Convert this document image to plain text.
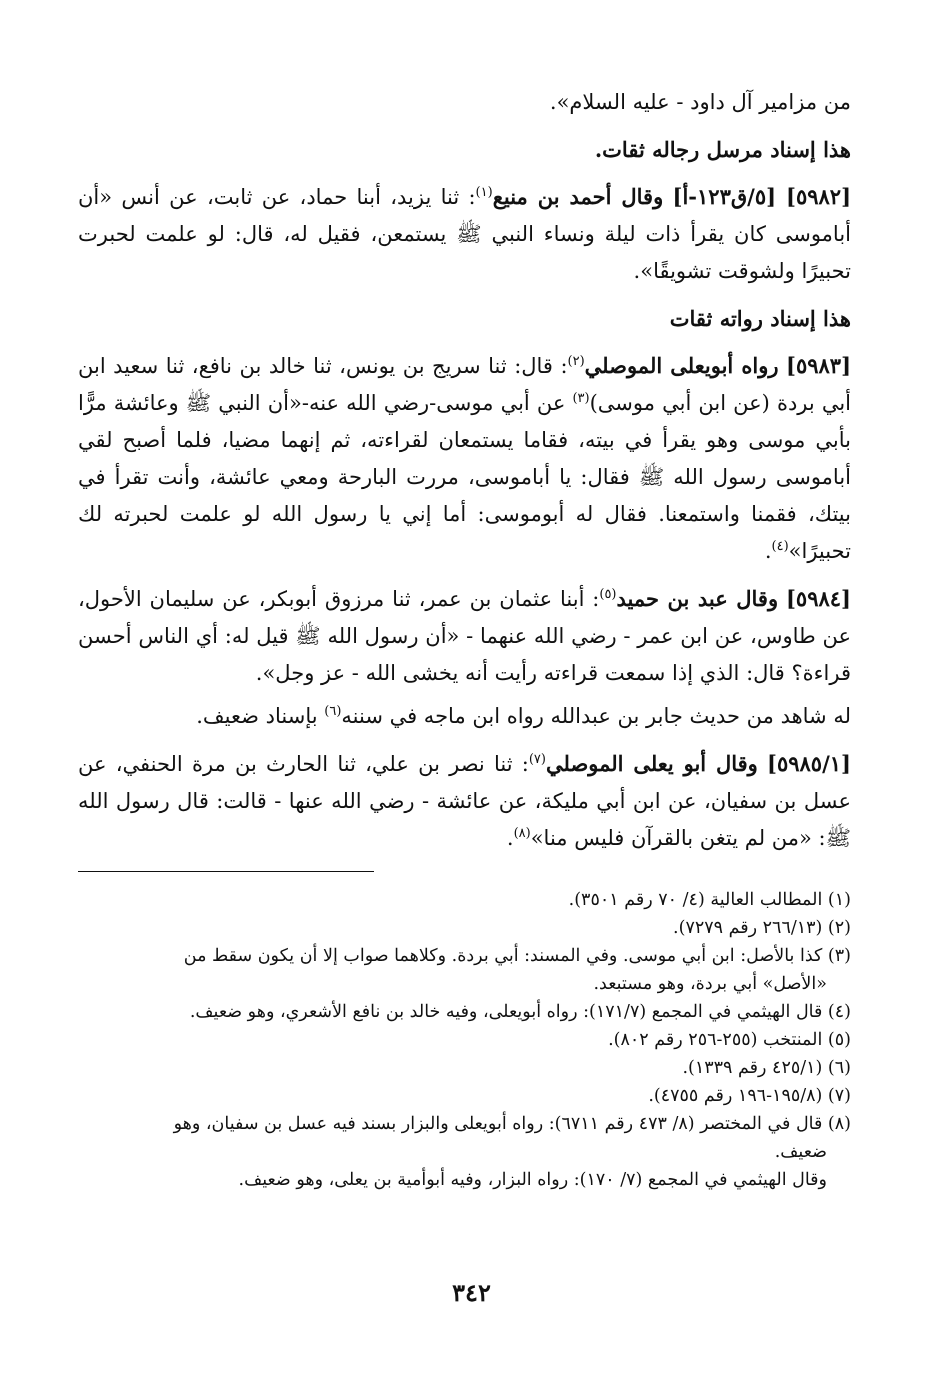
من مزامير آل داود - عليه السلام».

هذا إسناد مرسل رجاله ثقات.

[٥٩٨٢] [٥/ق١٢٣-أ] وقال أحمد بن منيع$^{(١)}$: ثنا يزيد، أبنا حماد، عن ثابت، عن أنس «أن أباموسى كان يقرأ ذات ليلة ونساء النبي ﷺ يستمعن، فقيل له، قال: لو علمت لحبرت تحبيرًا ولشوقت تشويقًا».

هذا إسناد رواته ثقات

[٥٩٨٣] رواه أبويعلى الموصلي$^{(٢)}$: قال: ثنا سريج بن يونس، ثنا خالد بن نافع، ثنا سعيد ابن أبي بردة (عن ابن أبي موسى)$^{(٣)}$ عن أبي موسى-رضي الله عنه-«أن النبي ﷺ وعائشة مرًّا بأبي موسى وهو يقرأ في بيته، فقاما يستمعان لقراءته، ثم إنهما مضيا، فلما أصبح لقي أباموسى رسول الله ﷺ فقال: يا أباموسى، مررت البارحة ومعي عائشة، وأنت تقرأ في بيتك، فقمنا واستمعنا. فقال له أبوموسى: أما إني يا رسول الله لو علمت لحبرته لك تحبيرًا»$^{(٤)}$.

[٥٩٨٤] وقال عبد بن حميد$^{(٥)}$: أبنا عثمان بن عمر، ثنا مرزوق أبوبكر، عن سليمان الأحول، عن طاوس، عن ابن عمر - رضي الله عنهما - «أن رسول الله ﷺ قيل له: أي الناس أحسن قراءة؟ قال: الذي إذا سمعت قراءته رأيت أنه يخشى الله - عز وجل».

له شاهد من حديث جابر بن عبدالله رواه ابن ماجه في سننه$^{(٦)}$ بإسناد ضعيف.

[٥٩٨٥/١] وقال أبو يعلى الموصلي$^{(٧)}$: ثنا نصر بن علي، ثنا الحارث بن مرة الحنفي، عن عسل بن سفيان، عن ابن أبي مليكة، عن عائشة - رضي الله عنها - قالت: قال رسول الله ﷺ: «من لم يتغن بالقرآن فليس منا»$^{(٨)}$.

(١) المطالب العالية (٤/ ٧٠ رقم ٣٥٠١).

(٢) (٢٦٦/١٣ رقم ٧٢٧٩).

(٣) كذا بالأصل: ابن أبي موسى. وفي المسند: أبي بردة. وكلاهما صواب إلا أن يكون سقط من

«الأصل» أبي بردة، وهو مستبعد.

(٤) قال الهيثمي في المجمع (١٧١/٧): رواه أبويعلى، وفيه خالد بن نافع الأشعري، وهو ضعيف.

(٥) المنتخب (٢٥٥-٢٥٦ رقم ٨٠٢).

(٦) (٤٢٥/١ رقم ١٣٣٩).

(٧) (١٩٥/٨-١٩٦ رقم ٤٧٥٥).

(٨) قال في المختصر (٨/ ٤٧٣ رقم ٦٧١١): رواه أبويعلى والبزار بسند فيه عسل بن سفيان، وهو

ضعيف.

وقال الهيثمي في المجمع (٧/ ١٧٠): رواه البزار، وفيه أبوأمية بن يعلى، وهو ضعيف.

٣٤٢
